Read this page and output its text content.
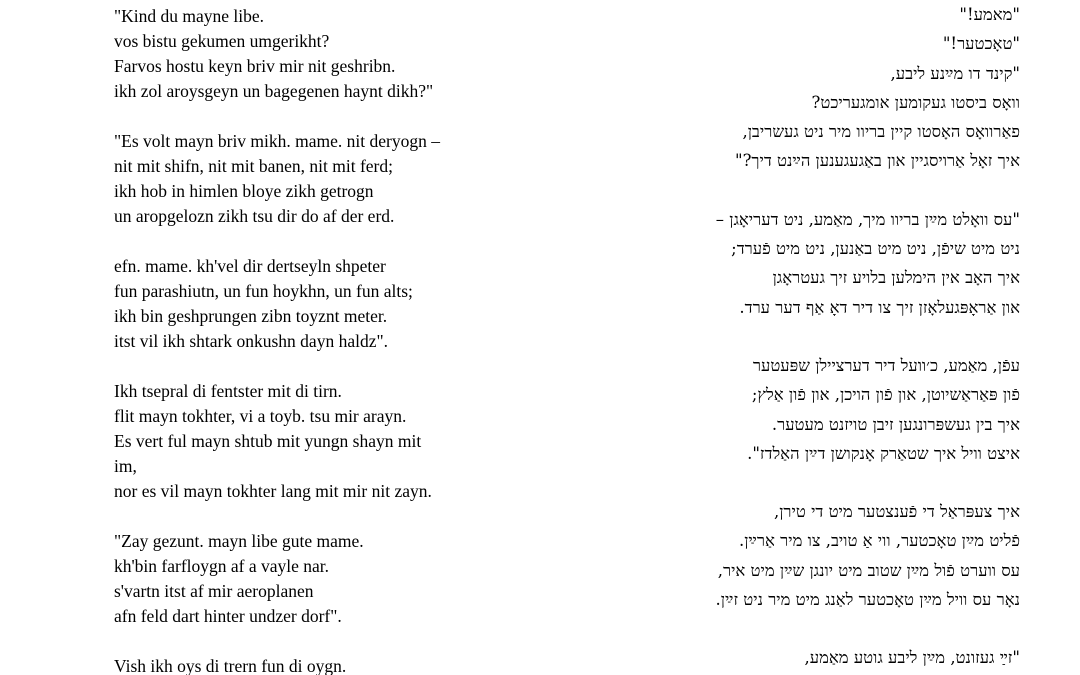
"Kind du mayne libe.
vos bistu gekumen umgerikht?
Farvos hostu keyn briv mir nit geshribn.
ikh zol aroysgeyn un bagegenen haynt dikh?"
"Es volt mayn briv mikh. mame. nit deryogn –
nit mit shifn, nit mit banen, nit mit ferd;
ikh hob in himlen bloye zikh getrogn
un aropgelozn zikh tsu dir do af der erd.
efn. mame. kh'vel dir dertseyln shpeter
fun parashiutn, un fun hoykhn, un fun alts;
ikh bin geshprungen zibn toyznt meter.
itst vil ikh shtark onkushn dayn haldz".
Ikh tsepral di fentster mit di tirn.
flit mayn tokhter, vi a toyb. tsu mir arayn.
Es vert ful mayn shtub mit yungn shayn mit
im,
nor es vil mayn tokhter lang mit mir nit zayn.
"Zay gezunt. mayn libe gute mame.
kh'bin farfloygn af a vayle nar.
s'vartn itst af mir aeroplanen
afn feld dart hinter undzer dorf".
Vish ikh oys di trern fun di oygn.
"מאמע!"
"טאָכטער!"
"קינד דו מײַנע ליבע,
וואָס ביסטו געקומען אומגעריכט?
פאַרוואָס האָסטו קיין בריוו מיר ניט געשריבן,
איך זאָל אַרויסגיין און באַגעגענען הײַנט דיך?"
"עס וואָלט מײַן בריוו מיך, מאַמע, ניט דעריאָגן –
ניט מיט שיפֿן, ניט מיט באַנען, ניט מיט פֿערד;
איך האָב אין הימלען בלויע זיך געטראָגן
און אַראָפּגעלאָזן זיך צו דיר דאָ אַף דער ערד.
עפֿן, מאַמע, כ׳וועל דיר דערציילן שפּעטער
פֿון פּאַראַשיוטן, און פֿון הויכן, און פֿון אַלץ;
איך בין געשפּרונגען זיבן טויזנט מעטער.
איצט וויל איך שטאַרק אָנקושן דײַן האַלדז".
איך צעפּראַל די פֿענצטער מיט די טירן,
פֿליט מײַן טאָכטער, ווי אַ טויב, צו מיר אַרײַן.
עס ווערט פֿול מײַן שטוב מיט יונגן שײַן מיט איר,
נאָר עס וויל מײַן טאָכטער לאַנג מיט מיר ניט זײַן.
"זײַ געזונט, מײַן ליבע גוטע מאַמע,
